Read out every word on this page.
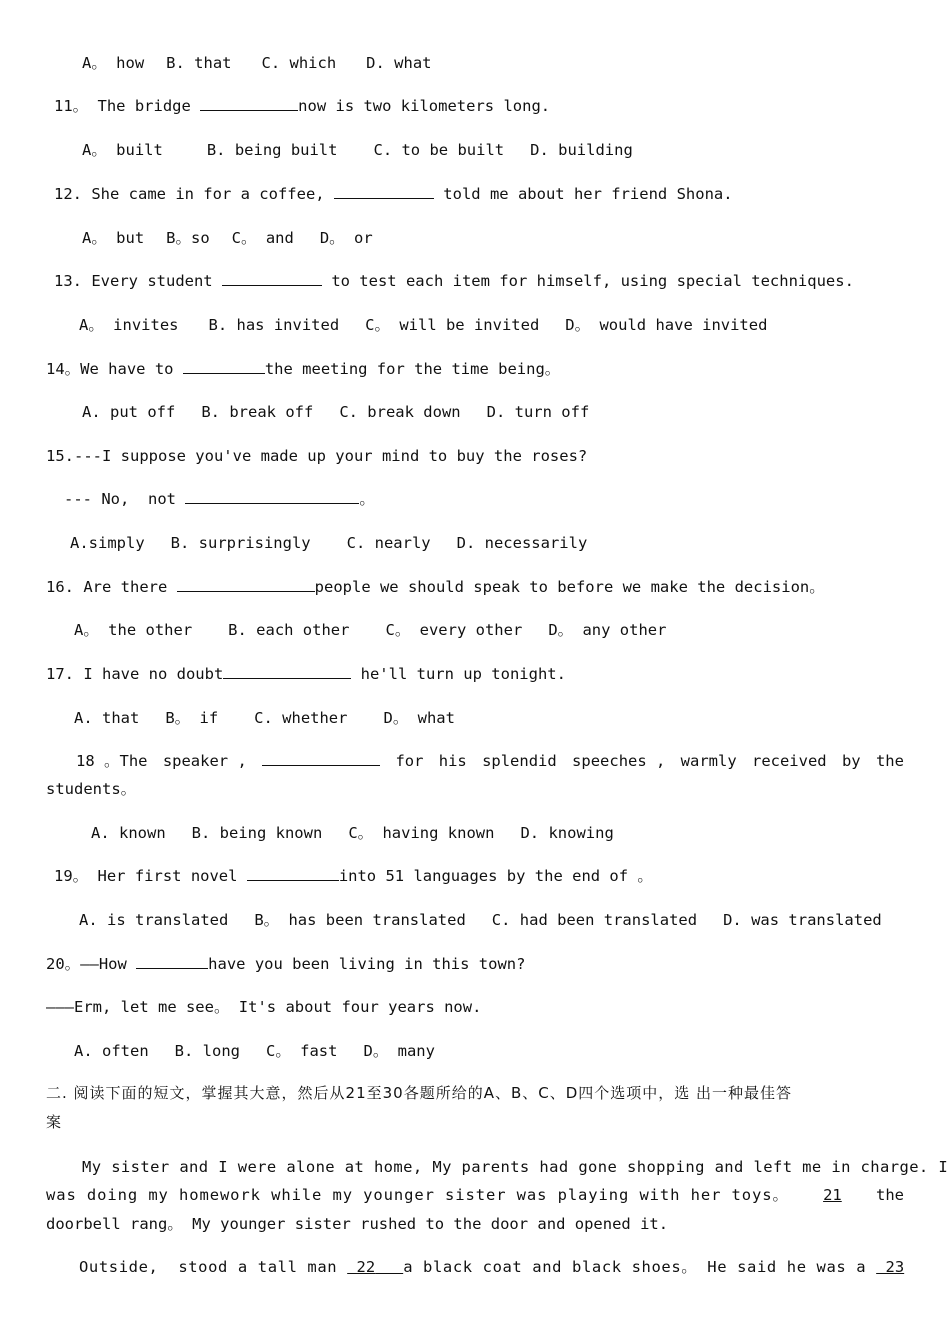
A。 how B. that C. which D. what
11。 The bridge	now is two kilometers long.
A。 built	B. being built C. to be built D. building
12. She came in for a coffee,	told me about her friend Shona.
A。 but B。so C。 and D。 or
13. Every student	to test each item for himself, using special techniques.
A。 invites B. has invited C。 will be invited D。 would have invited
14。We have to	the meeting for the time being。
A. put off B. break off C. break down D. turn off
15.---I suppose you've made up your mind to buy the roses?
--- No,  not	。
A.simply B. surprisingly C. nearly D. necessarily
16. Are there	people we should speak to before we make the decision。
A。 the other B. each other C。 every other D。 any other
17. I have no doubt	he'll turn up tonight.
A. that B。 if C. whether D。 what
18 。The speaker ,	for his splendid speeches , warmly received by the
students。
A. known B. being known C。 having known D. knowing
19。 Her first novel	into 51 languages by the end of 。
A. is translated B。 has been translated C. had been translated D. was translated
20。——How	have you been living in this town?
———Erm, let me see。 It's about four years now.
A. often B. long C。 fast D。 many
二. 阅读下面的短文，掌握其大意，然后从21至30各题所给的A、B、C、D四个选项中，选 出一种最佳答
案
My sister and I were alone at home, My parents had gone shopping and left me in charge. I
was doing my homework while my younger sister was playing with her toys。	21	the
doorbell rang。 My younger sister rushed to the door and opened it.
Outside,  stood a tall man 22	a black coat and black shoes。 He said he was a 23
